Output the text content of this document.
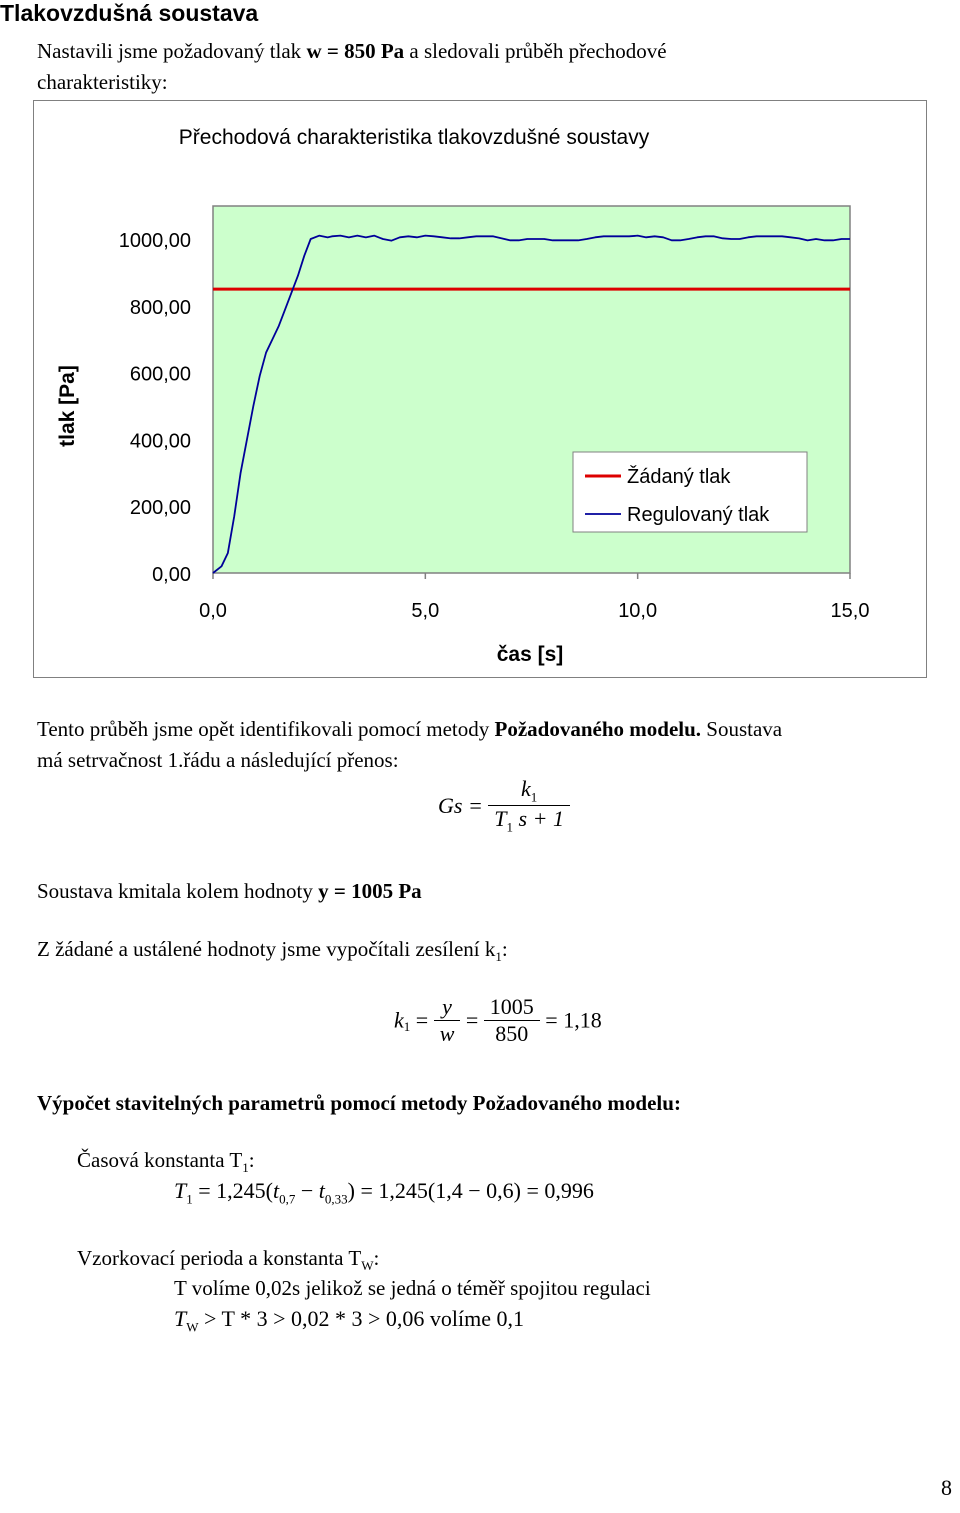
Tlakovzdušná soustava
Nastavili jsme požadovaný tlak w = 850 Pa a sledovali průběh přechodové
charakteristiky:
Přechodová charakteristika tlakovzdušné soustavy
0,00
200,00
400,00
600,00
800,00
1000,00
0,0	5,0	10,0	15,0
tlak [Pa]
čas [s]
Žádaný tlak
Regulovaný tlak
Tento průběh jsme opět identifikovali pomocí metody Požadovaného modelu. Soustava
má setrvačnost 1.řádu a následující přenos:
$Gs = \frac{k_1}{T_1 s + 1}$
Soustava kmitala kolem hodnoty y = 1005 Pa
Z žádané a ustálené hodnoty jsme vypočítali zesílení $k_1$:
$k_1 = \frac{y}{w} = \frac{1005}{850} = 1,18$
Výpočet stavitelných parametrů pomocí metody Požadovaného modelu:
Časová konstanta $T_1$:
$T_1 = 1,245(t_{0,7} - t_{0,33}) = 1,245(1,4 - 0,6) = 0,996$
Vzorkovací perioda a konstanta $T_W$:
T volíme 0,02s jelikož se jedná o téměř spojitou regulaci
$T_W > T * 3 > 0,02 * 3 > 0,06$ volíme 0,1
8
